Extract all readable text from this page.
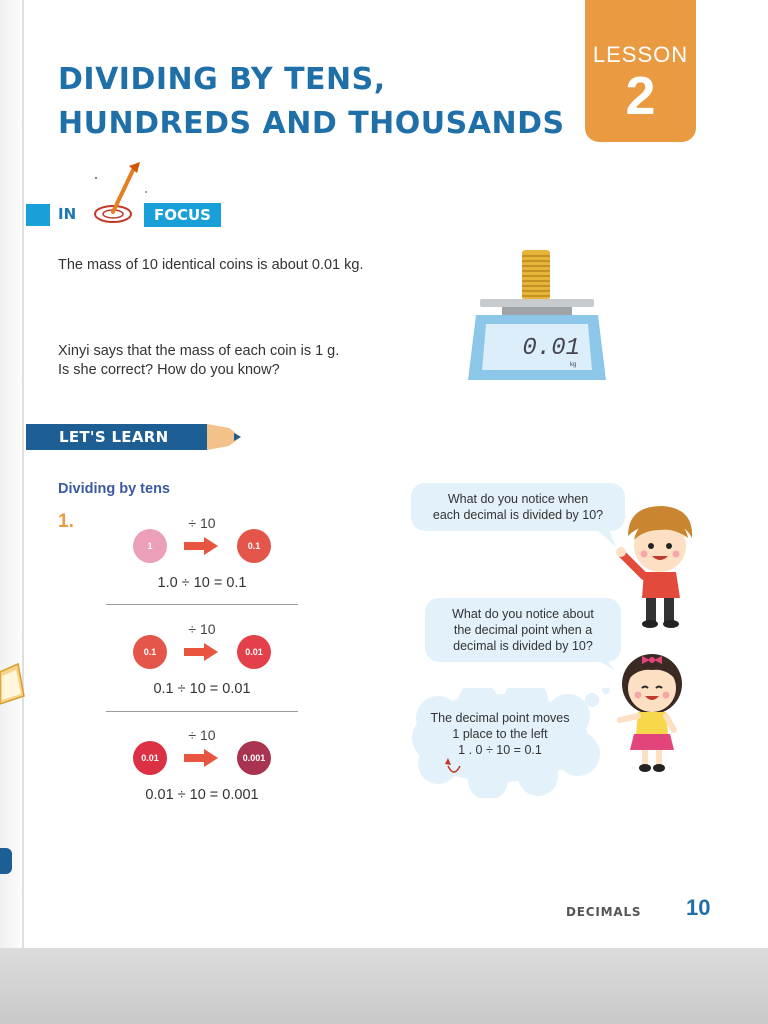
DIVIDING BY TENS,
HUNDREDS AND THOUSANDS
LESSON
2
IN	FOCUS

The mass of 10 identical coins is about 0.01 kg.

Xinyi says that the mass of each coin is 1 g.

Is she correct? How do you know?

0.01
kg
LET'S LEARN

Dividing by tens

1.	÷ 10
1	0.1
1.0 ÷ 10 = 0.1
÷ 10
0.1	0.01
0.1 ÷ 10 = 0.01
÷ 10
0.01	0.001
0.01 ÷ 10 = 0.001

What do you notice when

each decimal is divided by 10?

What do you notice about

the decimal point when a

decimal is divided by 10?

The decimal point moves

1 place to the left

1 . 0 ÷ 10 = 0.1

DECIMALS 10
